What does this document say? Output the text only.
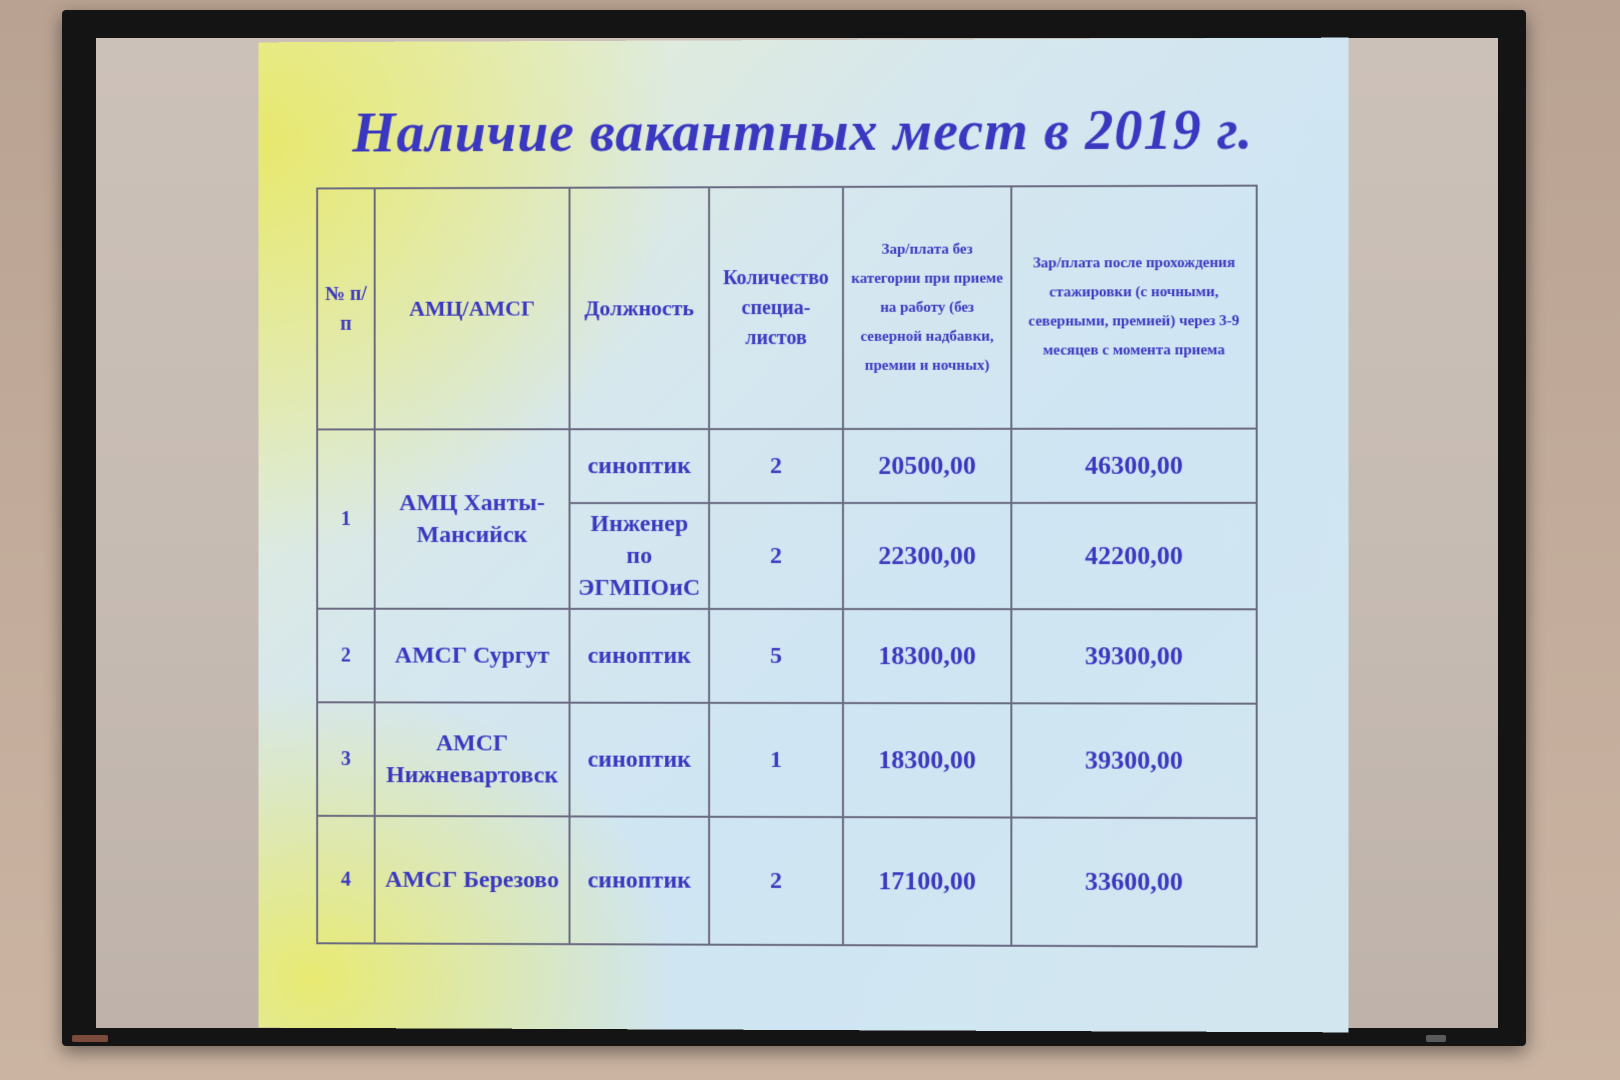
Наличие вакантных мест в 2019 г.
№ п/п	АМЦ/АМСГ	Должность	Количество специа-листов	Зар/плата без категории при приеме на работу (без северной надбавки, премии и ночных)	Зар/плата после прохождения стажировки (с ночными, северными, премией) через 3-9 месяцев с момента приема
1	АМЦ Ханты-Мансийск	синоптик	2	20500,00	46300,00
		Инженер по ЭГМПОиС	2	22300,00	42200,00
2	АМСГ Сургут	синоптик	5	18300,00	39300,00
3	АМСГ Нижневартовск	синоптик	1	18300,00	39300,00
4	АМСГ Березово	синоптик	2	17100,00	33600,00
